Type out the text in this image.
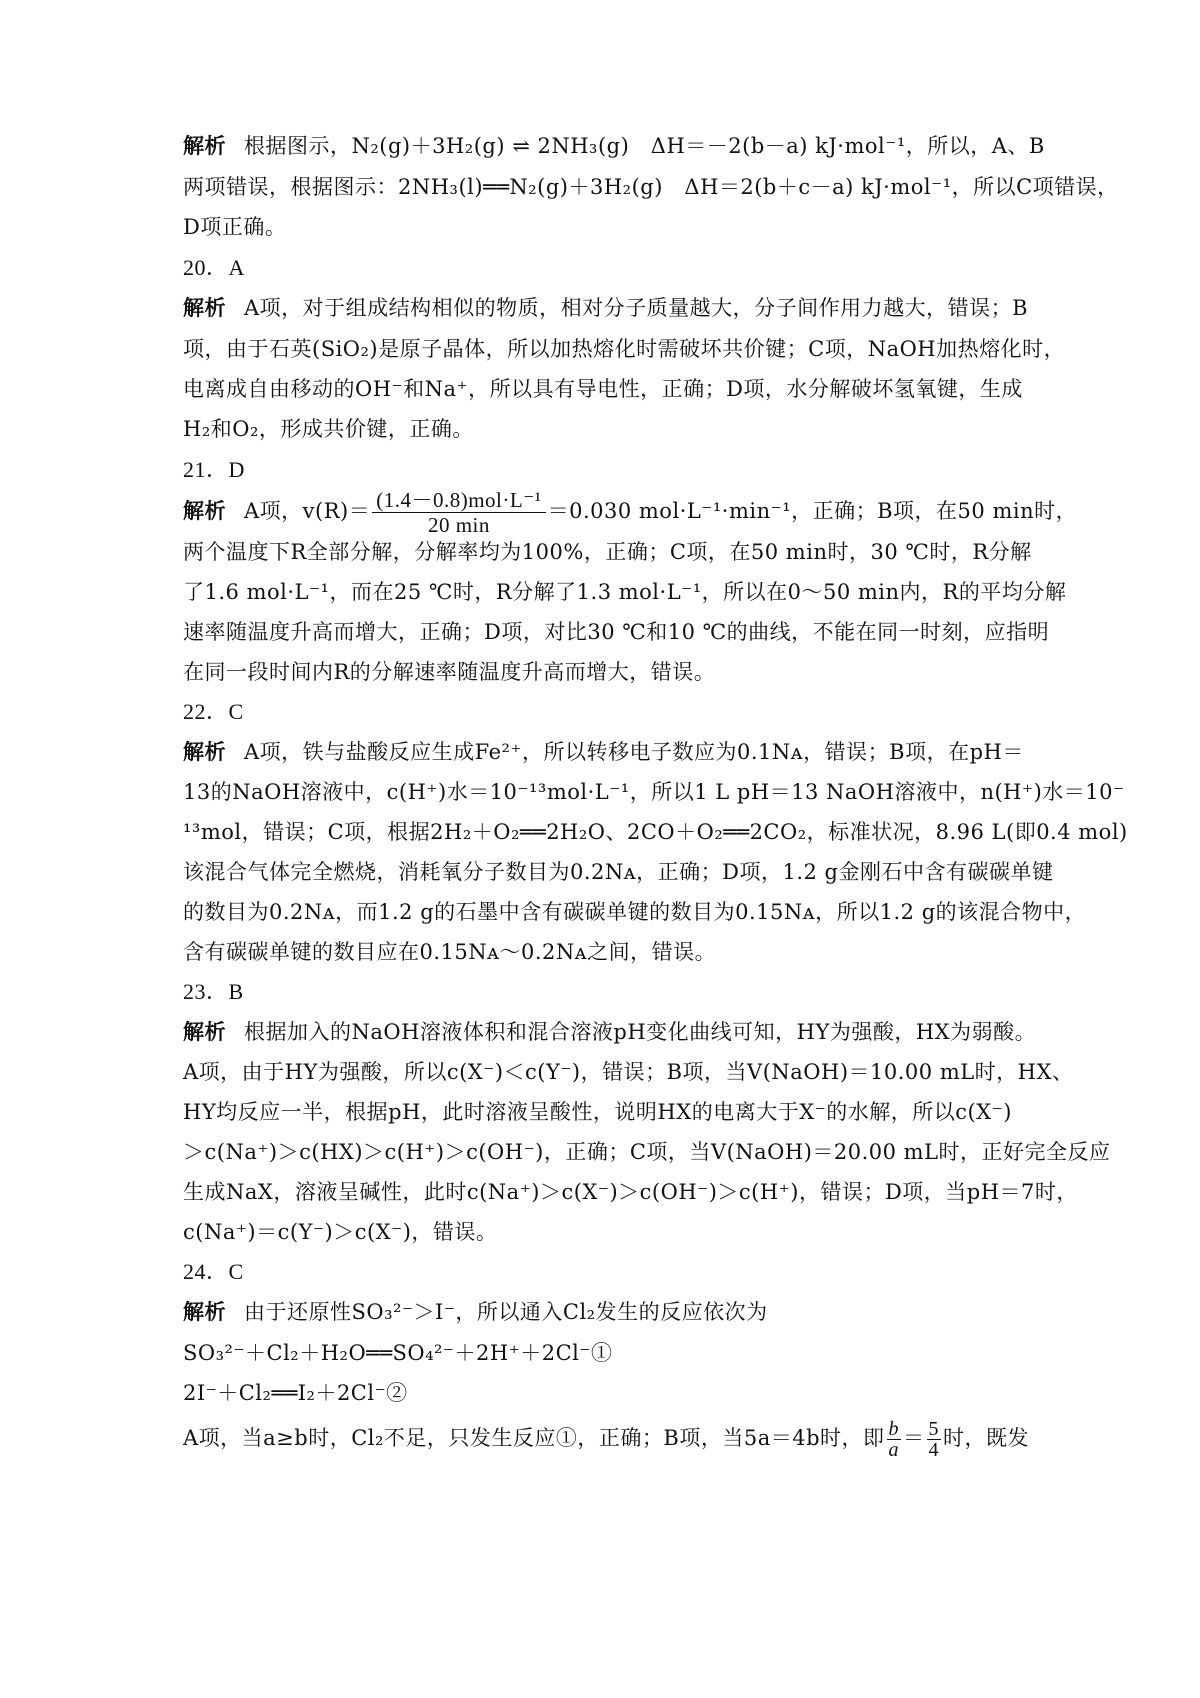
解析 根据图示，N₂(g)＋3H₂(g) ⇌ 2NH₃(g)　ΔH＝－2(b－a) kJ·mol⁻¹，所以，A、B
两项错误，根据图示：2NH₃(l)══N₂(g)＋3H₂(g)　ΔH＝2(b＋c－a) kJ·mol⁻¹，所以C项错误，
D项正确。
20．A
解析 A项，对于组成结构相似的物质，相对分子质量越大，分子间作用力越大，错误；B
项，由于石英(SiO₂)是原子晶体，所以加热熔化时需破坏共价键；C项，NaOH加热熔化时，
电离成自由移动的OH⁻和Na⁺，所以具有导电性，正确；D项，水分解破坏氢氧键，生成
H₂和O₂，形成共价键，正确。
21．D
解析 A项，$v(R)= \frac{\text{(1.4－0.8)mol·L⁻¹}}{20 \min} =0.030$ mol·L⁻¹·min⁻¹，正确；B项，在50 min时，
两个温度下R全部分解，分解率均为100%，正确；C项，在50 min时，30 ℃时，R分解
了1.6 mol·L⁻¹，而在25 ℃时，R分解了1.3 mol·L⁻¹，所以在0～50 min内，R的平均分解
速率随温度升高而增大，正确；D项，对比30 ℃和10 ℃的曲线，不能在同一时刻，应指明
在同一段时间内R的分解速率随温度升高而增大，错误。
22．C
解析 A项，铁与盐酸反应生成Fe²⁺，所以转移电子数应为0.1Nᴀ，错误；B项，在pH＝
13的NaOH溶液中，c(H⁺)水＝10⁻¹³mol·L⁻¹，所以1 L pH＝13 NaOH溶液中，n(H⁺)水＝10⁻
¹³mol，错误；C项，根据2H₂＋O₂══2H₂O、2CO＋O₂══2CO₂，标准状况，8.96 L(即0.4 mol)
该混合气体完全燃烧，消耗氧分子数目为0.2Nᴀ，正确；D项，1.2 g金刚石中含有碳碳单键
的数目为0.2Nᴀ，而1.2 g的石墨中含有碳碳单键的数目为0.15Nᴀ，所以1.2 g的该混合物中，
含有碳碳单键的数目应在0.15Nᴀ～0.2Nᴀ之间，错误。
23．B
解析 根据加入的NaOH溶液体积和混合溶液pH变化曲线可知，HY为强酸，HX为弱酸。
A项，由于HY为强酸，所以c(X⁻)＜c(Y⁻)，错误；B项，当V(NaOH)＝10.00 mL时，HX、
HY均反应一半，根据pH，此时溶液呈酸性，说明HX的电离大于X⁻的水解，所以c(X⁻)
＞c(Na⁺)＞c(HX)＞c(H⁺)＞c(OH⁻)，正确；C项，当V(NaOH)＝20.00 mL时，正好完全反应
生成NaX，溶液呈碱性，此时c(Na⁺)＞c(X⁻)＞c(OH⁻)＞c(H⁺)，错误；D项，当pH＝7时，
c(Na⁺)＝c(Y⁻)＞c(X⁻)，错误。
24．C
解析 由于还原性SO₃²⁻＞I⁻，所以通入Cl₂发生的反应依次为
SO₃²⁻＋Cl₂＋H₂O══SO₄²⁻＋2H⁺＋2Cl⁻①
2I⁻＋Cl₂══I₂＋2Cl⁻②
A项，当a≥b时，Cl₂不足，只发生反应①，正确；B项，当5a＝4b时，即 $\frac{b}{a} = \frac{5}{4}$ 时，既发
